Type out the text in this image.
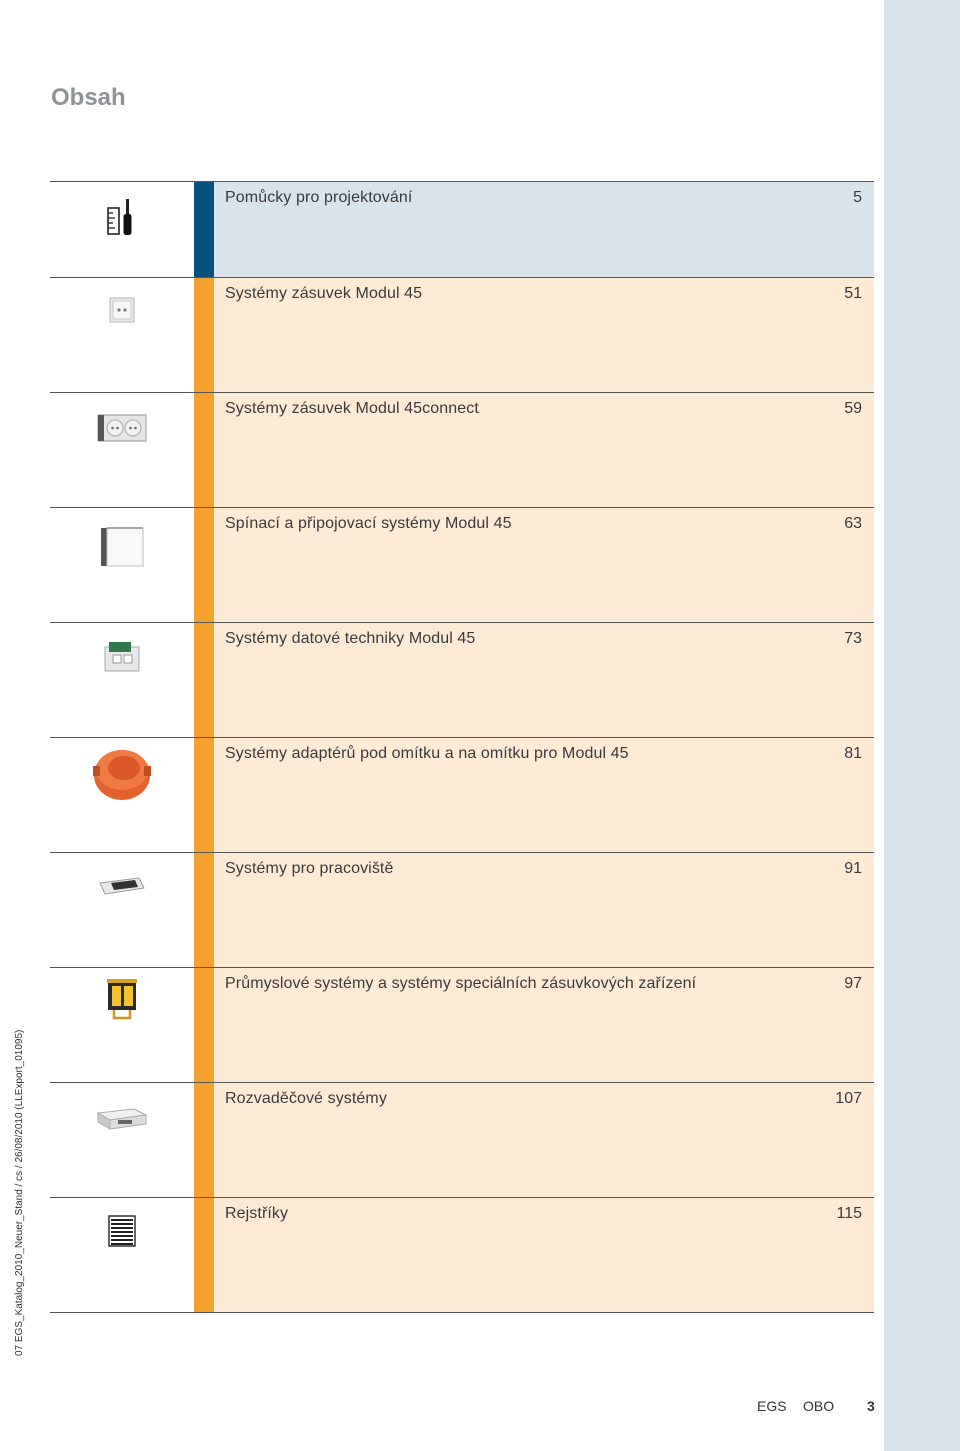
Obsah
Pomůcky pro projektování	5
Systémy zásuvek Modul 45	51
Systémy zásuvek Modul 45connect	59
Spínací a připojovací systémy Modul 45	63
Systémy datové techniky Modul 45	73
Systémy adaptérů pod omítku a na omítku pro Modul 45	81
Systémy pro pracoviště	91
Průmyslové systémy a systémy speciálních zásuvkových zařízení	97
Rozvaděčové systémy	107
Rejstříky	115
07 EGS_Katalog_2010_Neuer_Stand / cs / 26/08/2010 (LLExport_01095)
EGS OBO 3
